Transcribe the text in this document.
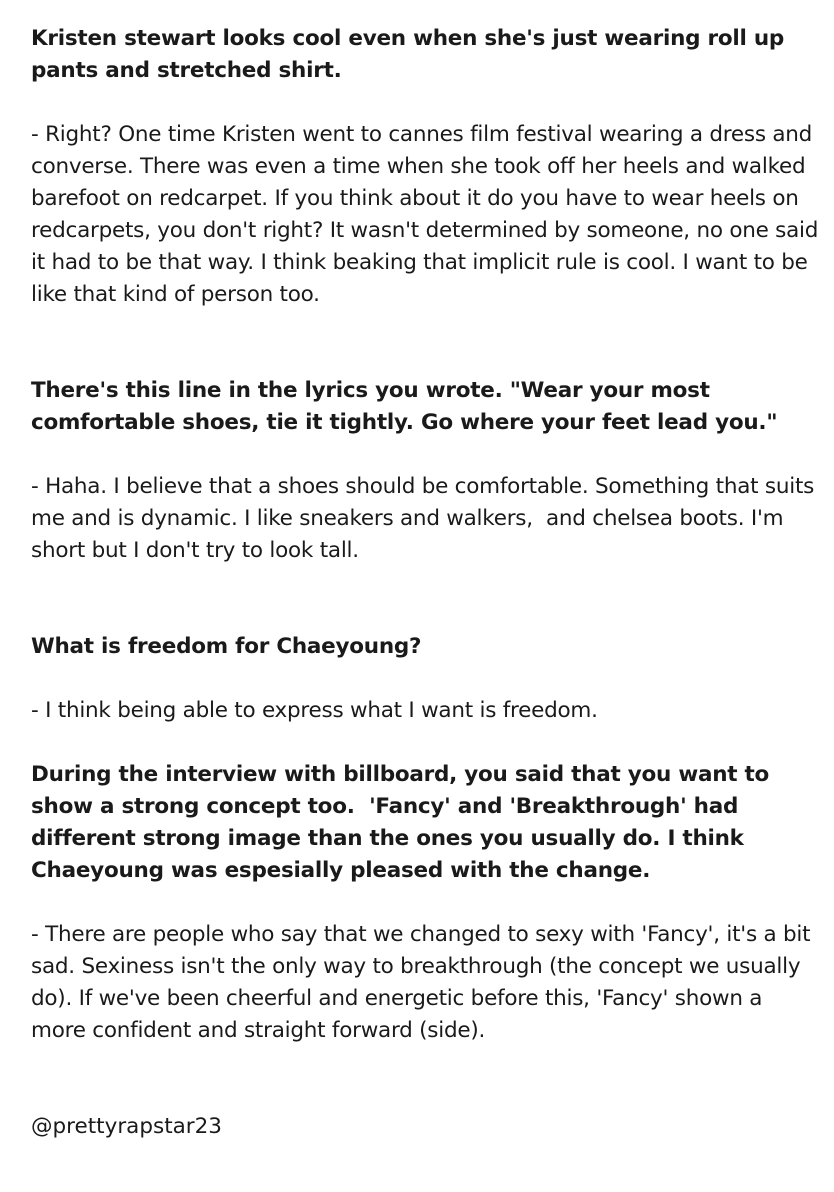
Kristen stewart looks cool even when she's just wearing roll up pants and stretched shirt.

- Right? One time Kristen went to cannes film festival wearing a dress and converse. There was even a time when she took off her heels and walked barefoot on redcarpet. If you think about it do you have to wear heels on redcarpets, you don't right? It wasn't determined by someone, no one said it had to be that way. I think beaking that implicit rule is cool. I want to be like that kind of person too.

There's this line in the lyrics you wrote. "Wear your most comfortable shoes, tie it tightly. Go where your feet lead you."

- Haha. I believe that a shoes should be comfortable. Something that suits me and is dynamic. I like sneakers and walkers,  and chelsea boots. I'm short but I don't try to look tall.

What is freedom for Chaeyoung?

- I think being able to express what I want is freedom.

During the interview with billboard, you said that you want to show a strong concept too.  'Fancy' and 'Breakthrough' had different strong image than the ones you usually do. I think Chaeyoung was espesially pleased with the change.

- There are people who say that we changed to sexy with 'Fancy', it's a bit sad. Sexiness isn't the only way to breakthrough (the concept we usually do). If we've been cheerful and energetic before this, 'Fancy' shown a more confident and straight forward (side).

@prettyrapstar23
